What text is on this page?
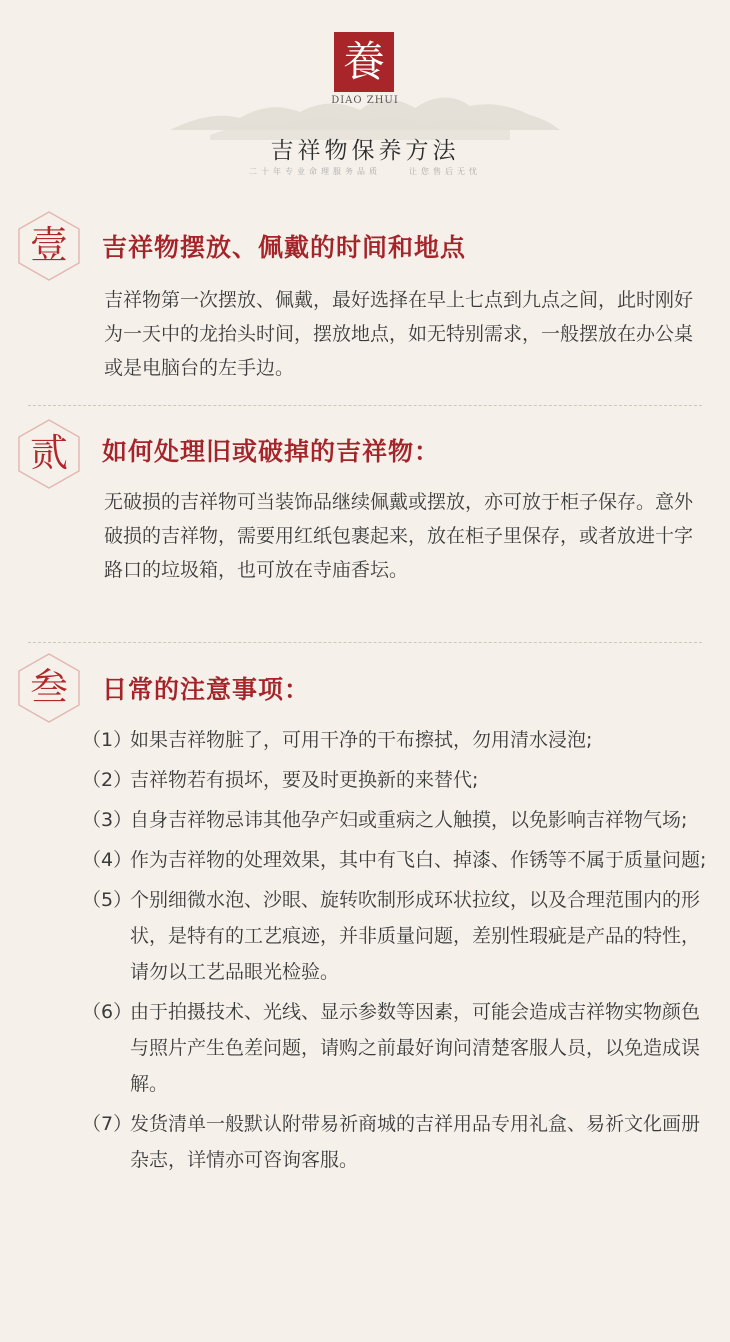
養
DIAO ZHUI
吉祥物保养方法
二十年专业命理服务品质	让您售后无忧
壹	吉祥物摆放、佩戴的时间和地点
吉祥物第一次摆放、佩戴，最好选择在早上七点到九点之间，此时刚好为一天中的龙抬头时间，摆放地点，如无特别需求，一般摆放在办公桌或是电脑台的左手边。
贰	如何处理旧或破掉的吉祥物：
无破损的吉祥物可当装饰品继续佩戴或摆放，亦可放于柜子保存。意外破损的吉祥物，需要用红纸包裹起来，放在柜子里保存，或者放进十字路口的垃圾箱，也可放在寺庙香坛。
叁	日常的注意事项：
（1）
如果吉祥物脏了，可用干净的干布擦拭，勿用清水浸泡;
（2）
吉祥物若有损坏，要及时更换新的来替代;
（3）
自身吉祥物忌讳其他孕产妇或重病之人触摸，以免影响吉祥物气场;
（4）
作为吉祥物的处理效果，其中有飞白、掉漆、作锈等不属于质量问题;
（5）
个别细微水泡、沙眼、旋转吹制形成环状拉纹，以及合理范围内的形状，是特有的工艺痕迹，并非质量问题，差别性瑕疵是产品的特性，请勿以工艺品眼光检验。
（6）
由于拍摄技术、光线、显示参数等因素，可能会造成吉祥物实物颜色与照片产生色差问题，请购之前最好询问清楚客服人员，以免造成误解。
（7）
发货清单一般默认附带易祈商城的吉祥用品专用礼盒、易祈文化画册杂志，详情亦可咨询客服。
